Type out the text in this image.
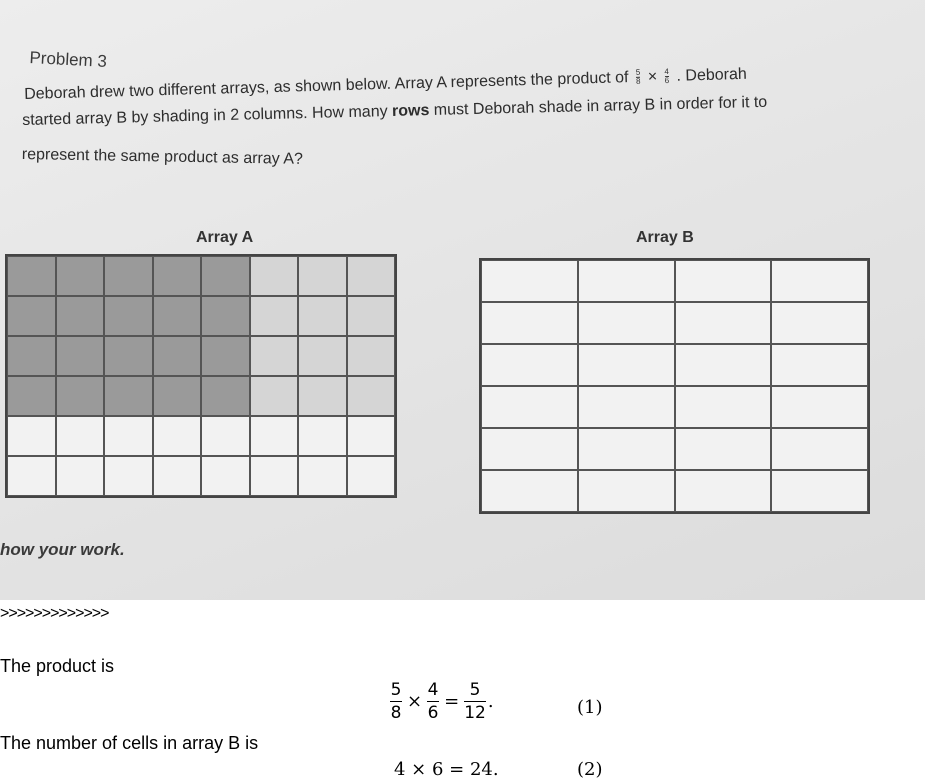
Problem 3
Deborah drew two different arrays, as shown below. Array A represents the product of $\frac{5}{8} \times \frac{4}{6}$ . Deborah
started array B by shading in 2 columns. How many rows must Deborah shade in array B in order for it to
represent the same product as array A?
Array A	Array B
how your work.
>>>>>>>>>>>>>
The product is
The number of cells in array B is
5
8
×
4
6
=
5
12
.	(1)
4 × 6 = 24.	(2)
